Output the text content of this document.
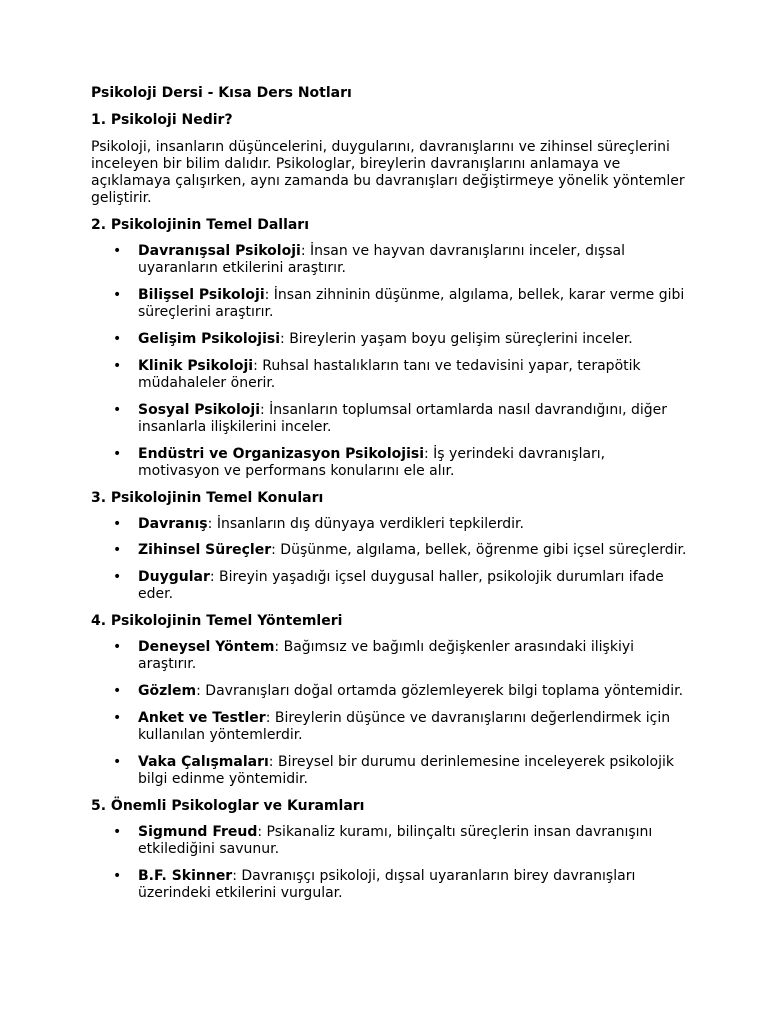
Psikoloji Dersi - Kısa Ders Notları

1. Psikoloji Nedir?

Psikoloji, insanların düşüncelerini, duygularını, davranışlarını ve zihinsel süreçlerini inceleyen bir bilim dalıdır. Psikologlar, bireylerin davranışlarını anlamaya ve açıklamaya çalışırken, aynı zamanda bu davranışları değiştirmeye yönelik yöntemler geliştirir.

2. Psikolojinin Temel Dalları

• Davranışsal Psikoloji: İnsan ve hayvan davranışlarını inceler, dışsal uyaranların etkilerini araştırır.
• Bilişsel Psikoloji: İnsan zihninin düşünme, algılama, bellek, karar verme gibi süreçlerini araştırır.
• Gelişim Psikolojisi: Bireylerin yaşam boyu gelişim süreçlerini inceler.
• Klinik Psikoloji: Ruhsal hastalıkların tanı ve tedavisini yapar, terapötik müdahaleler önerir.
• Sosyal Psikoloji: İnsanların toplumsal ortamlarda nasıl davrandığını, diğer insanlarla ilişkilerini inceler.
• Endüstri ve Organizasyon Psikolojisi: İş yerindeki davranışları, motivasyon ve performans konularını ele alır.

3. Psikolojinin Temel Konuları

• Davranış: İnsanların dış dünyaya verdikleri tepkilerdir.
• Zihinsel Süreçler: Düşünme, algılama, bellek, öğrenme gibi içsel süreçlerdir.
• Duygular: Bireyin yaşadığı içsel duygusal haller, psikolojik durumları ifade eder.

4. Psikolojinin Temel Yöntemleri

• Deneysel Yöntem: Bağımsız ve bağımlı değişkenler arasındaki ilişkiyi araştırır.
• Gözlem: Davranışları doğal ortamda gözlemleyerek bilgi toplama yöntemidir.
• Anket ve Testler: Bireylerin düşünce ve davranışlarını değerlendirmek için kullanılan yöntemlerdir.
• Vaka Çalışmaları: Bireysel bir durumu derinlemesine inceleyerek psikolojik bilgi edinme yöntemidir.

5. Önemli Psikologlar ve Kuramları

• Sigmund Freud: Psikanaliz kuramı, bilinçaltı süreçlerin insan davranışını etkilediğini savunur.
• B.F. Skinner: Davranışçı psikoloji, dışsal uyaranların birey davranışları üzerindeki etkilerini vurgular.
